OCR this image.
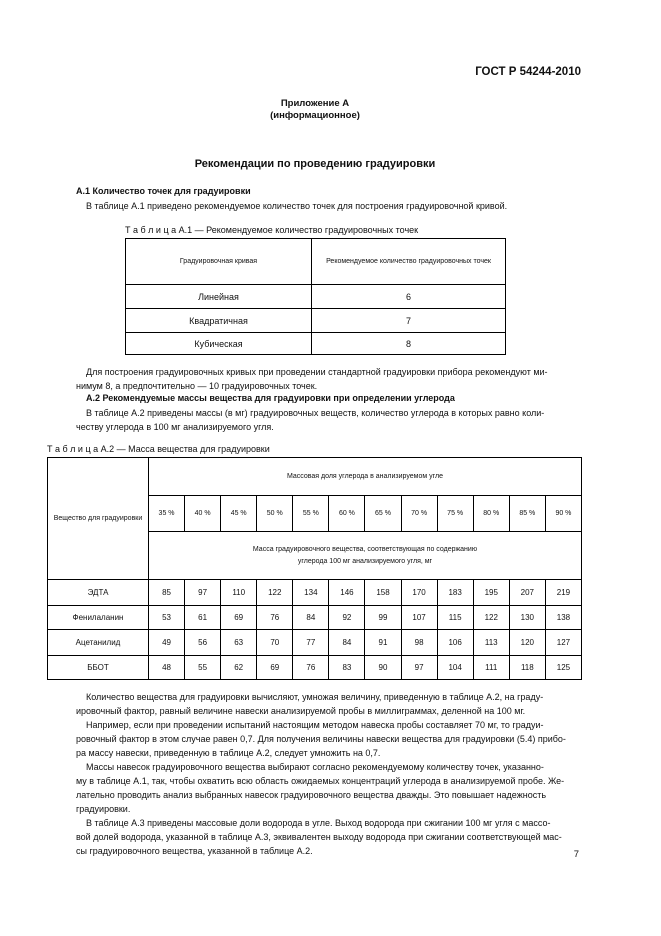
ГОСТ Р 54244-2010
Приложение А
(информационное)
Рекомендации по проведению градуировки
А.1 Количество точек для градуировки
В таблице А.1 приведено рекомендуемое количество точек для построения градуировочной кривой.
Т а б л и ц а А.1 — Рекомендуемое количество градуировочных точек
Градуировочная кривая	Рекомендуемое количество градуировочных точек
Линейная	6
Квадратичная	7
Кубическая	8
Для построения градуировочных кривых при проведении стандартной градуировки прибора рекомендуют ми-
нимум 8, а предпочтительно — 10 градуировочных точек.
А.2 Рекомендуемые массы вещества для градуировки при определении углерода
В таблице А.2 приведены массы (в мг) градуировочных веществ, количество углерода в которых равно коли-
честву углерода в 100 мг анализируемого угля.
Т а б л и ц а А.2 — Масса вещества для градуировки
Вещество для градуировки	Массовая доля углерода в анализируемом угле											
	35 %	40 %	45 %	50 %	55 %	60 %	65 %	70 %	75 %	80 %	85 %	90 %

	Масса градуировочного вещества, соответствующая по содержанию
углерода 100 мг анализируемого угля, мг											

ЭДТА	85	97	110	122	134	146	158	170	183	195	207	219
Фенилаланин	53	61	69	76	84	92	99	107	115	122	130	138
Ацетанилид	49	56	63	70	77	84	91	98	106	113	120	127
ББОТ	48	55	62	69	76	83	90	97	104	111	118	125
Количество вещества для градуировки вычисляют, умножая величину, приведенную в таблице А.2, на граду-
ировочный фактор, равный величине навески анализируемой пробы в миллиграммах, деленной на 100 мг.
Например, если при проведении испытаний настоящим методом навеска пробы составляет 70 мг, то градуи-
ровочный фактор в этом случае равен 0,7. Для получения величины навески вещества для градуировки (5.4) прибо-
ра массу навески, приведенную в таблице А.2, следует умножить на 0,7.
Массы навесок градуировочного вещества выбирают согласно рекомендуемому количеству точек, указанно-
му в таблице А.1, так, чтобы охватить всю область ожидаемых концентраций углерода в анализируемой пробе. Же-
лательно проводить анализ выбранных навесок градуировочного вещества дважды. Это повышает надежность
градуировки.
В таблице А.3 приведены массовые доли водорода в угле. Выход водорода при сжигании 100 мг угля с массо-
вой долей водорода, указанной в таблице А.3, эквивалентен выходу водорода при сжигании соответствующей мас-
сы градуировочного вещества, указанной в таблице А.2.	7
